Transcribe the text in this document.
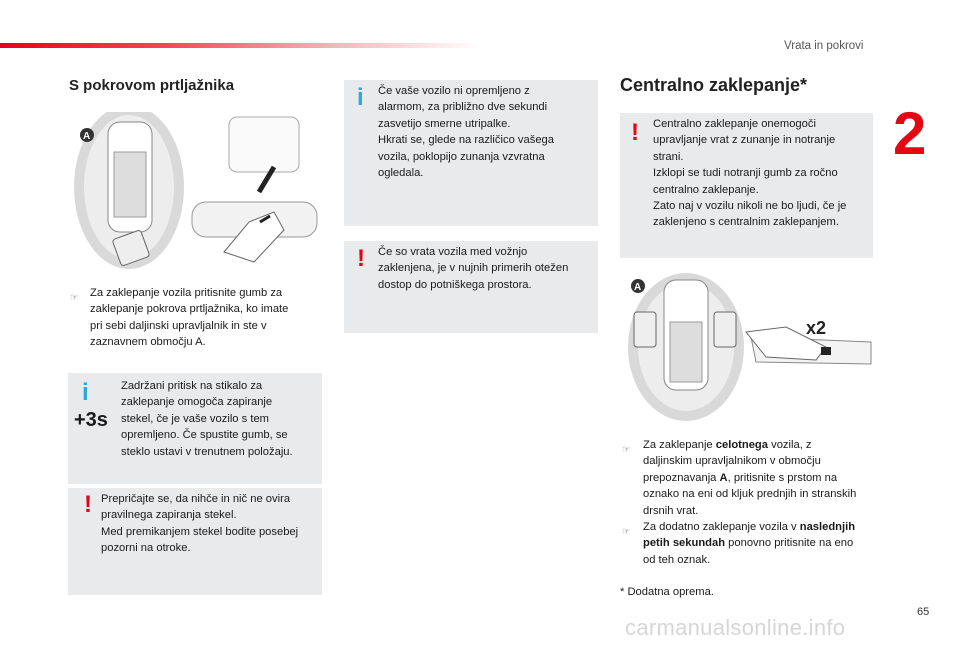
Vrata in pokrovi
2
65
carmanualsonline.info
S pokrovom prtljažnika
A
☞ Za zaklepanje vozila pritisnite gumb za
zaklepanje pokrova prtljažnika, ko imate
pri sebi daljinski upravljalnik in ste v
zaznavnem območju A.
i
+3s
Zadržani pritisk na stikalo za
zaklepanje omogoča zapiranje
stekel, če je vaše vozilo s tem
opremljeno. Če spustite gumb, se
steklo ustavi v trenutnem položaju.
! Prepričajte se, da nihče in nič ne ovira
pravilnega zapiranja stekel.
Med premikanjem stekel bodite posebej
pozorni na otroke.
i Če vaše vozilo ni opremljeno z
alarmom, za približno dve sekundi
zasvetijo smerne utripalke.
Hkrati se, glede na različico vašega
vozila, poklopijo zunanja vzvratna
ogledala.
! Če so vrata vozila med vožnjo
zaklenjena, je v nujnih primerih otežen
dostop do potniškega prostora.
Centralno zaklepanje*
! Centralno zaklepanje onemogoči
upravljanje vrat z zunanje in notranje
strani.
Izklopi se tudi notranji gumb za ročno
centralno zaklepanje.
Zato naj v vozilu nikoli ne bo ljudi, če je
zaklenjeno s centralnim zaklepanjem.
A
x2
☞ Za zaklepanje celotnega vozila, z
daljinskim upravljalnikom v območju
prepoznavanja A, pritisnite s prstom na
oznako na eni od kljuk prednjih in stranskih
drsnih vrat.
☞ Za dodatno zaklepanje vozila v naslednjih
petih sekundah ponovno pritisnite na eno
od teh oznak.
* Dodatna oprema.
